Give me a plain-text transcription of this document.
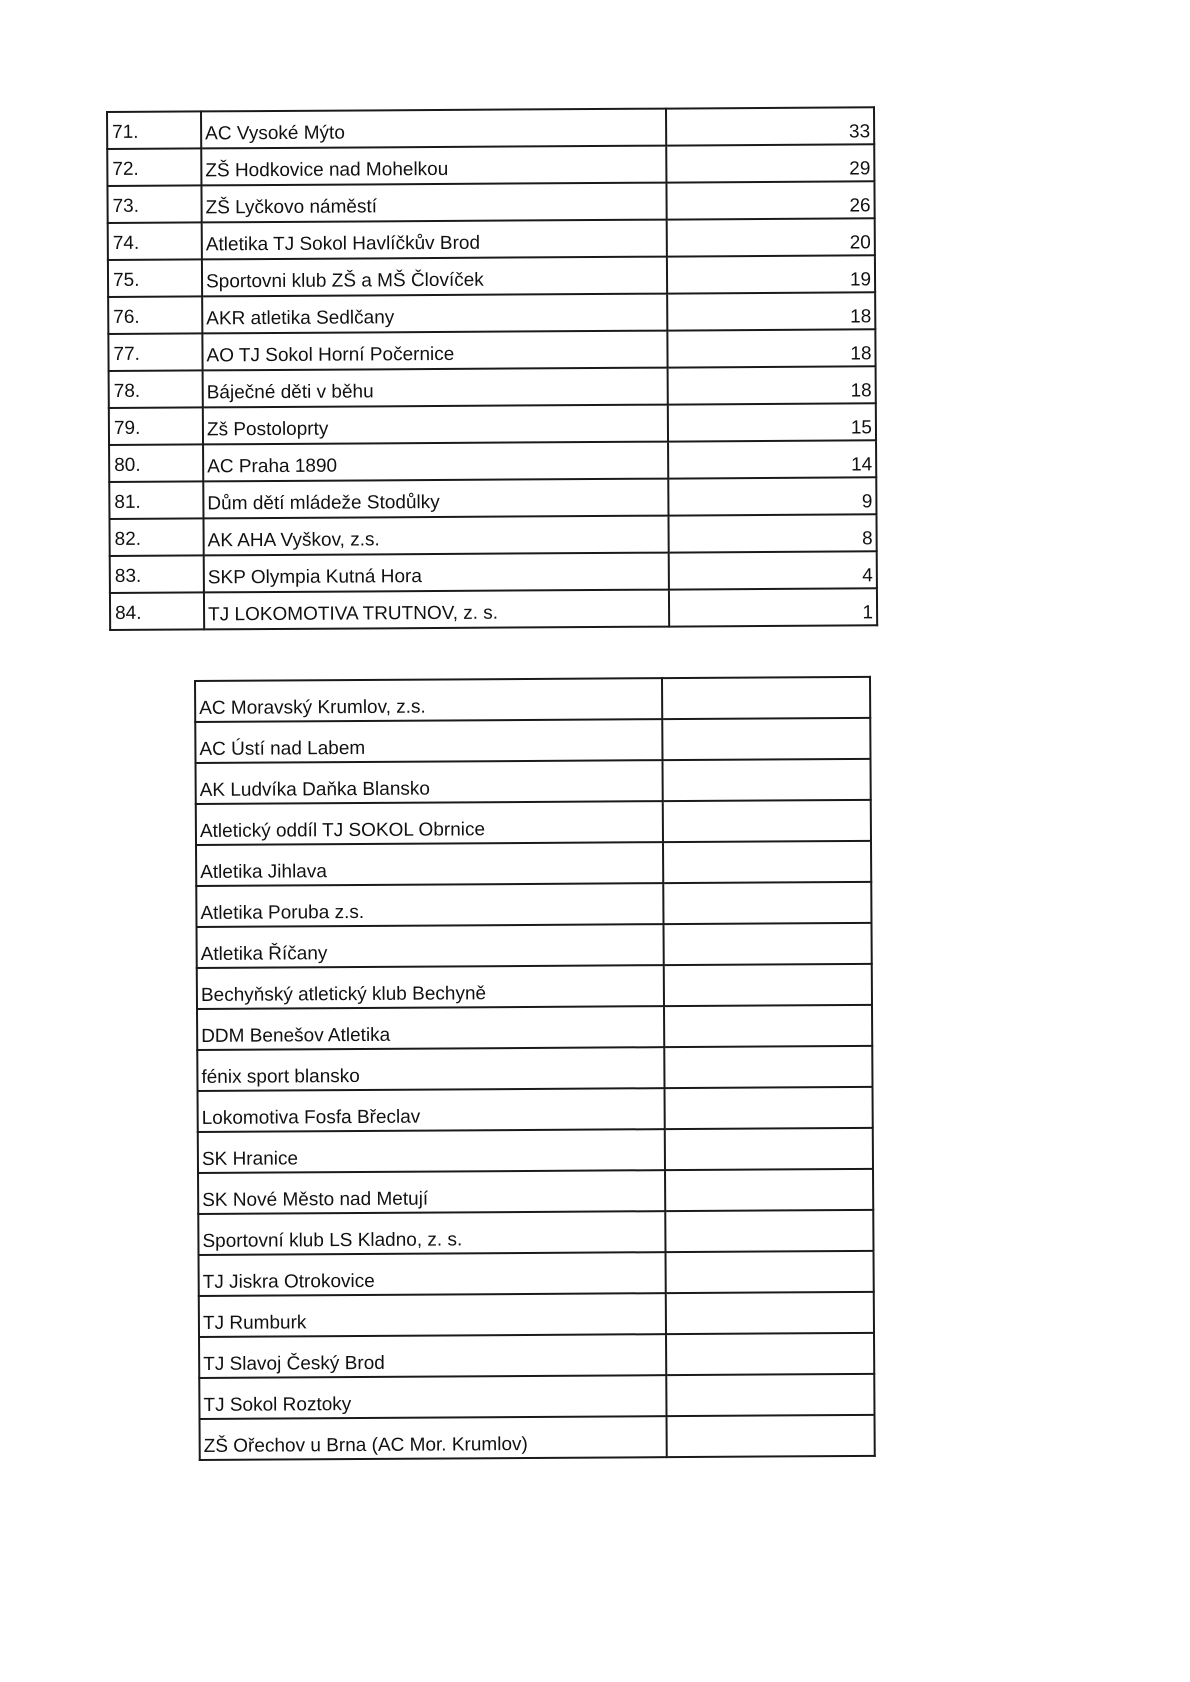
71.	AC Vysoké Mýto	33
72.	ZŠ Hodkovice nad Mohelkou	29
73.	ZŠ Lyčkovo náměstí	26
74.	Atletika TJ Sokol Havlíčkův Brod	20
75.	Sportovni klub ZŠ a MŠ Človíček	19
76.	AKR atletika Sedlčany	18
77.	AO TJ Sokol Horní Počernice	18
78.	Báječné děti v běhu	18
79.	Zš Postoloprty	15
80.	AC Praha 1890	14
81.	Dům dětí mládeže Stodůlky	9
82.	AK AHA Vyškov, z.s.	8
83.	SKP Olympia Kutná Hora	4
84.	TJ LOKOMOTIVA TRUTNOV, z. s.	1
AC Moravský Krumlov, z.s.	
AC Ústí nad Labem	
AK Ludvíka Daňka Blansko	
Atletický oddíl TJ SOKOL Obrnice	
Atletika Jihlava	
Atletika Poruba z.s.	
Atletika Říčany	
Bechyňský atletický klub Bechyně	
DDM Benešov Atletika	
fénix sport blansko	
Lokomotiva Fosfa Břeclav	
SK Hranice	
SK Nové Město nad Metují	
Sportovní klub LS Kladno, z. s.	
TJ Jiskra Otrokovice	
TJ Rumburk	
TJ Slavoj Český Brod	
TJ Sokol Roztoky	
ZŠ Ořechov u Brna (AC Mor. Krumlov)	
